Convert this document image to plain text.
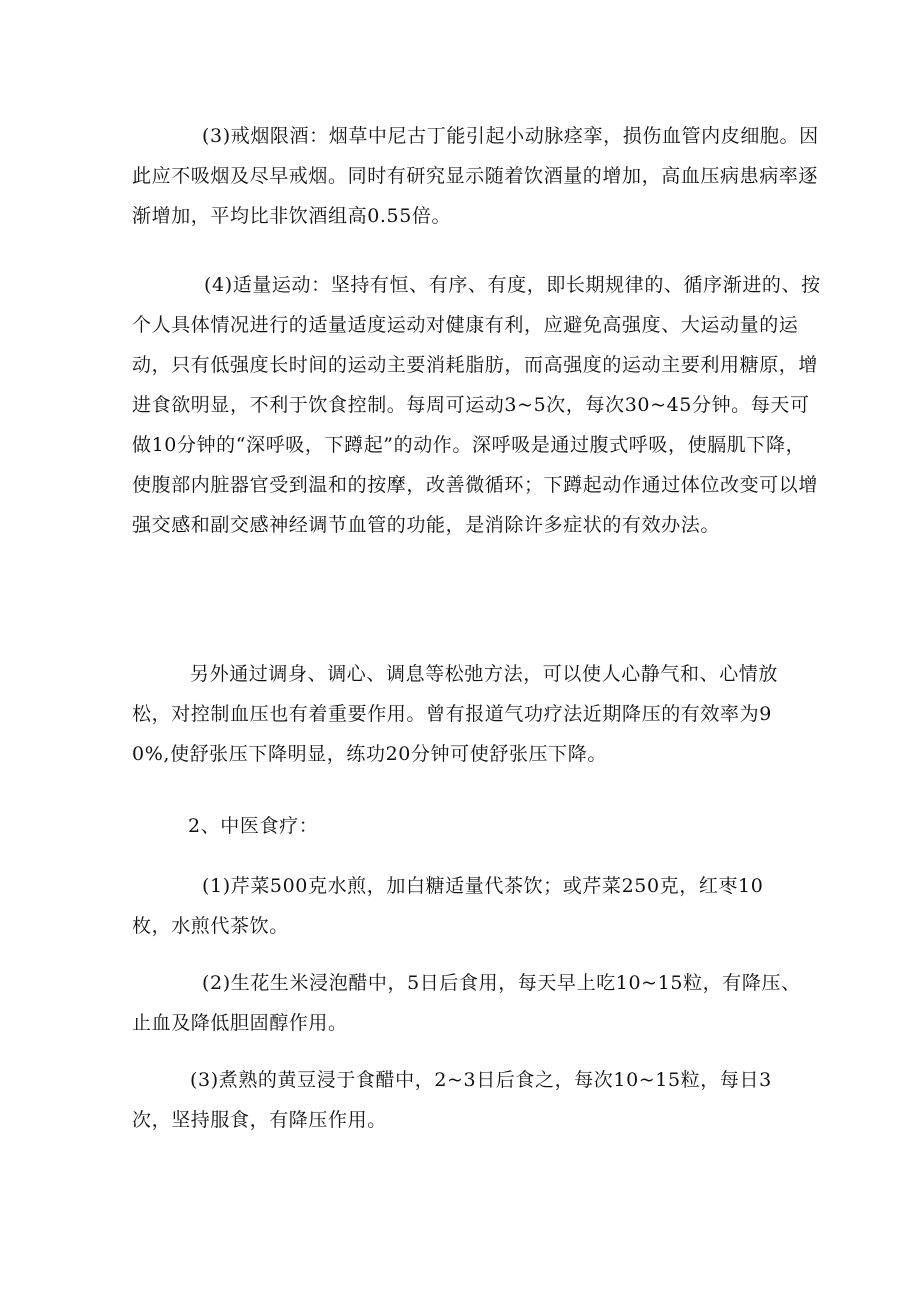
(3)戒烟限酒：烟草中尼古丁能引起小动脉痉挛，损伤血管内皮细胞。因此应不吸烟及尽早戒烟。同时有研究显示随着饮酒量的增加，高血压病患病率逐渐增加，平均比非饮酒组高0.55倍。

(4)适量运动：坚持有恒、有序、有度，即长期规律的、循序渐进的、按个人具体情况进行的适量适度运动对健康有利，应避免高强度、大运动量的运动，只有低强度长时间的运动主要消耗脂肪，而高强度的运动主要利用糖原，增进食欲明显，不利于饮食控制。每周可运动3~5次，每次30~45分钟。每天可做10分钟的“深呼吸，下蹲起”的动作。深呼吸是通过腹式呼吸，使膈肌下降，使腹部内脏器官受到温和的按摩，改善微循环；下蹲起动作通过体位改变可以增强交感和副交感神经调节血管的功能，是消除许多症状的有效办法。

另外通过调身、调心、调息等松弛方法，可以使人心静气和、心情放松，对控制血压也有着重要作用。曾有报道气功疗法近期降压的有效率为90%,使舒张压下降明显，练功20分钟可使舒张压下降。

2、中医食疗：

(1)芹菜500克水煎，加白糖适量代茶饮；或芹菜250克，红枣10枚，水煎代茶饮。

(2)生花生米浸泡醋中，5日后食用，每天早上吃10~15粒，有降压、止血及降低胆固醇作用。

(3)煮熟的黄豆浸于食醋中，2~3日后食之，每次10~15粒，每日3次，坚持服食，有降压作用。
